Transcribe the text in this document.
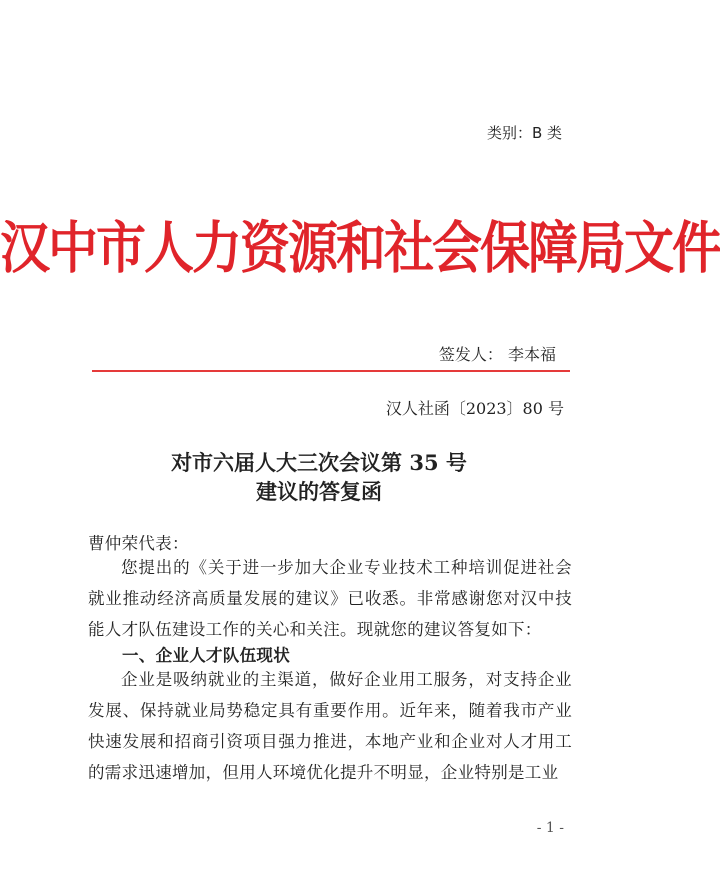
类别：B 类
汉中市人力资源和社会保障局文件
签发人： 李本福
汉人社函〔2023〕80 号
对市六届人大三次会议第 35 号
建议的答复函
曹仲荣代表：

您提出的《关于进一步加大企业专业技术工种培训促进社会就业推动经济高质量发展的建议》已收悉。非常感谢您对汉中技能人才队伍建设工作的关心和关注。现就您的建议答复如下：

一、企业人才队伍现状

企业是吸纳就业的主渠道，做好企业用工服务，对支持企业发展、保持就业局势稳定具有重要作用。近年来，随着我市产业快速发展和招商引资项目强力推进，本地产业和企业对人才用工的需求迅速增加，但用人环境优化提升不明显，企业特别是工业

- 1 -
